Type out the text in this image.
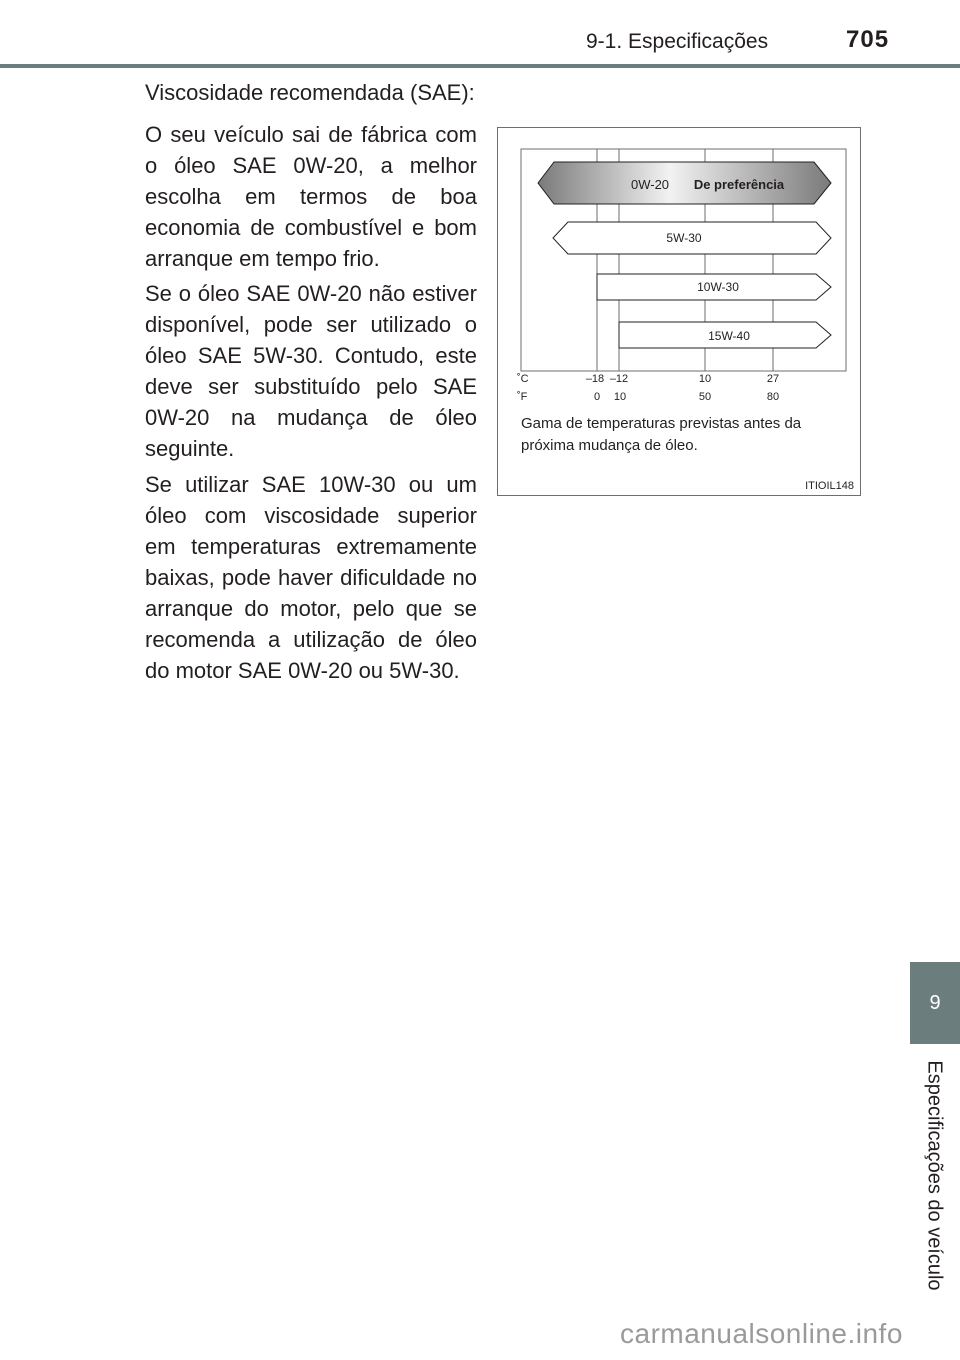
9-1. Especificações	705
9
Especificações do veículo
Viscosidade recomendada (SAE):

O seu veículo sai de fábrica com o óleo SAE 0W-20, a melhor escolha em termos de boa economia de combustível e bom arranque em tempo frio.

Se o óleo SAE 0W-20 não estiver disponível, pode ser utilizado o óleo SAE 5W-30. Contudo, este deve ser substituído pelo SAE 0W-20 na mudança de óleo seguinte.

Se utilizar SAE 10W-30 ou um óleo com viscosidade superior em temperaturas extremamente baixas, pode haver dificuldade no arranque do motor, pelo que se recomenda a utilização de óleo do motor SAE 0W-20 ou 5W-30.

0W-20 De preferência
5W-30
10W-30
15W-40
˚C
˚F
–18 –12	10	27
0 10	50	80

Gama de temperaturas previstas antes da próxima mudança de óleo.

ITIOIL148
carmanualsonline.info
